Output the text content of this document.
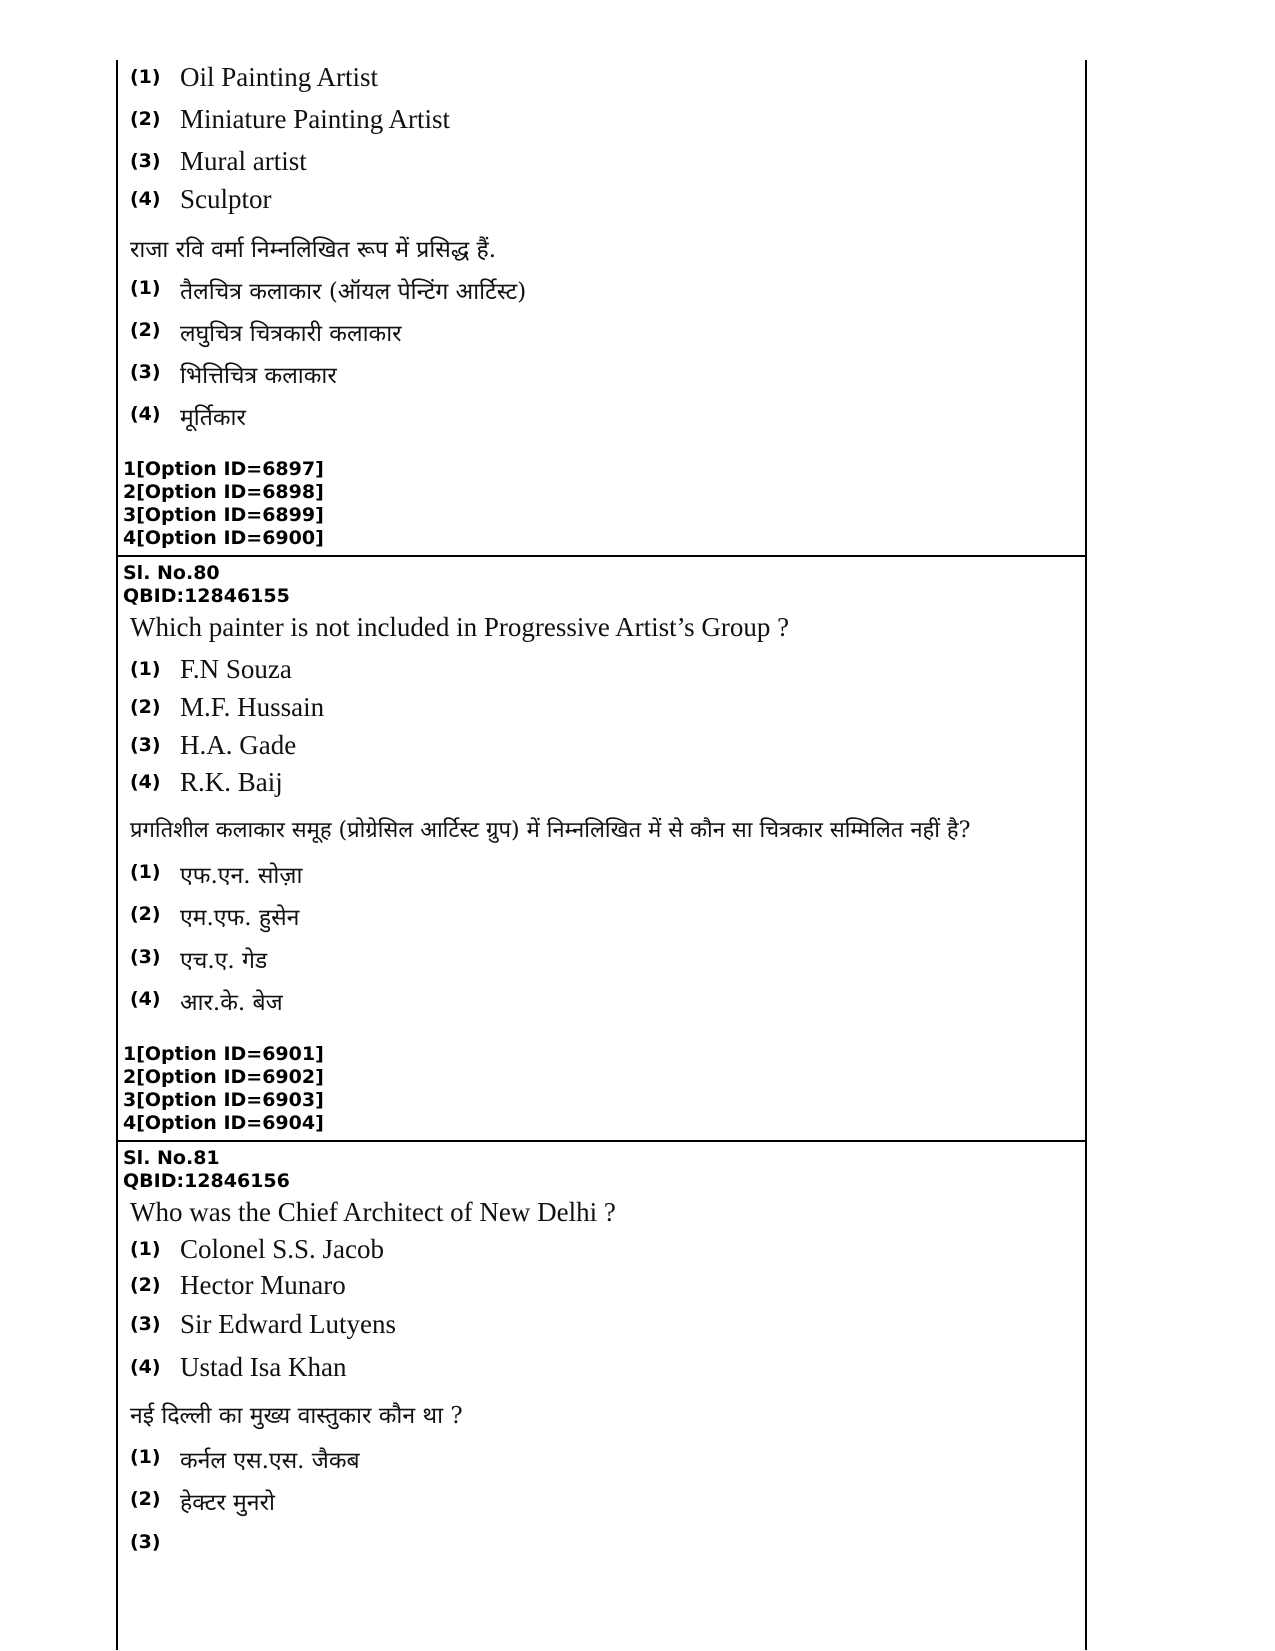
(1) Oil Painting Artist
(2) Miniature Painting Artist
(3) Mural artist
(4) Sculptor
राजा रवि वर्मा निम्नलिखित रूप में प्रसिद्ध हैं.
(1) तैलचित्र कलाकार (ऑयल पेन्टिंग आर्टिस्ट)
(2) लघुचित्र चित्रकारी कलाकार
(3) भित्तिचित्र कलाकार
(4) मूर्तिकार
1[Option ID=6897]
2[Option ID=6898]
3[Option ID=6899]
4[Option ID=6900]
Sl. No.80
QBID:12846155
Which painter is not included in Progressive Artist’s Group ?
(1) F.N Souza
(2) M.F. Hussain
(3) H.A. Gade
(4) R.K. Baij
प्रगतिशील कलाकार समूह (प्रोग्रेसिल आर्टिस्ट ग्रुप) में निम्नलिखित में से कौन सा चित्रकार सम्मिलित नहीं है?
(1) एफ.एन. सोज़ा
(2) एम.एफ. हुसेन
(3) एच.ए. गेड
(4) आर.के. बेज
1[Option ID=6901]
2[Option ID=6902]
3[Option ID=6903]
4[Option ID=6904]
Sl. No.81
QBID:12846156
Who was the Chief Architect of New Delhi ?
(1) Colonel S.S. Jacob
(2) Hector Munaro
(3) Sir Edward Lutyens
(4) Ustad Isa Khan
नई दिल्ली का मुख्य वास्तुकार कौन था ?
(1) कर्नल एस.एस. जैकब
(2) हेक्टर मुनरो
(3)
